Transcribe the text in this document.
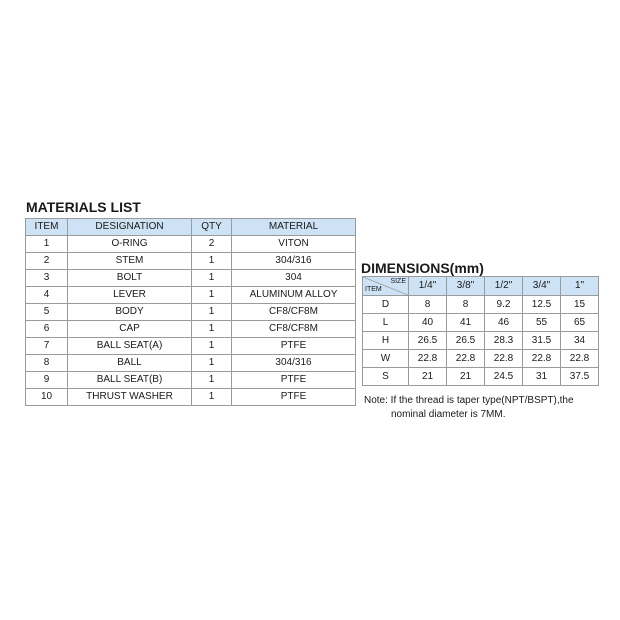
MATERIALS LIST
ITEM	DESIGNATION	QTY	MATERIAL
1	O-RING	2	VITON
2	STEM	1	304/316
3	BOLT	1	304
4	LEVER	1	ALUMINUM ALLOY
5	BODY	1	CF8/CF8M
6	CAP	1	CF8/CF8M
7	BALL SEAT(A)	1	PTFE
8	BALL	1	304/316
9	BALL SEAT(B)	1	PTFE
10	THRUST WASHER	1	PTFE
DIMENSIONS(mm)
SIZE
ITEM	1/4"	3/8"	1/2"	3/4"	1"
D	8	8	9.2	12.5	15
L	40	41	46	55	65
H	26.5	26.5	28.3	31.5	34
W	22.8	22.8	22.8	22.8	22.8
S	21	21	24.5	31	37.5
Note: If the thread is taper type(NPT/BSPT),the
nominal diameter is 7MM.
